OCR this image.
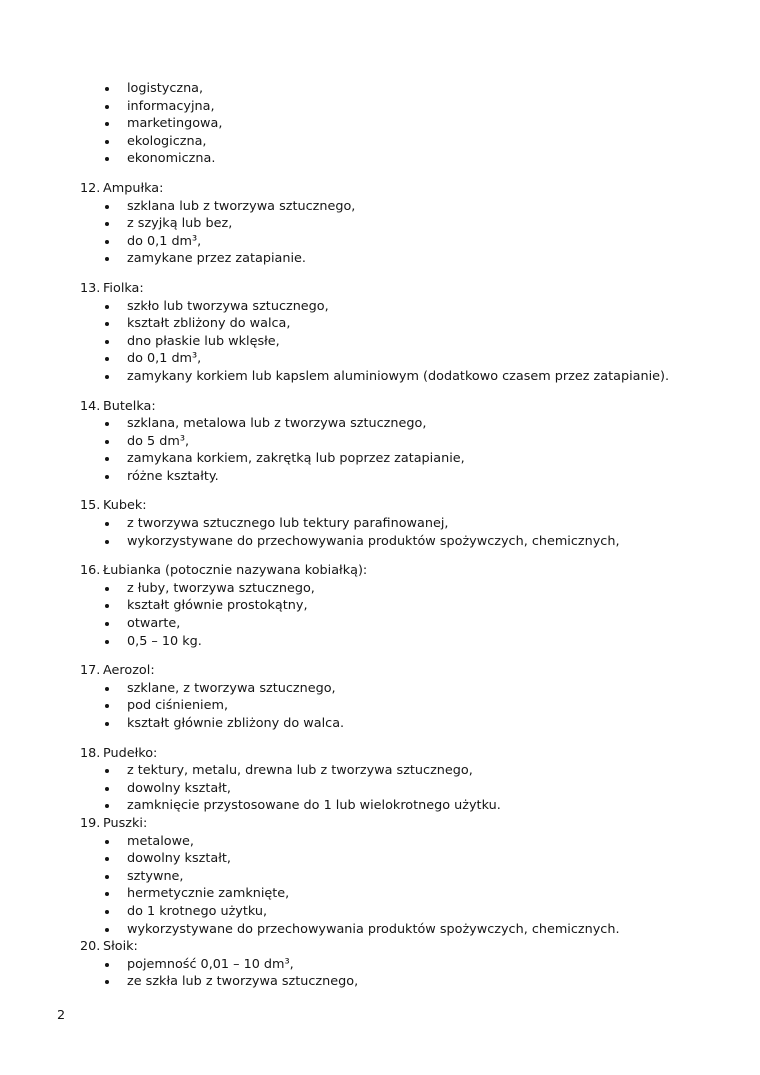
logistyczna,
informacyjna,
marketingowa,
ekologiczna,
ekonomiczna.
12. Ampułka:
szklana lub z tworzywa sztucznego,
z szyjką lub bez,
do 0,1 dm³,
zamykane przez zatapianie.
13. Fiolka:
szkło lub tworzywa sztucznego,
kształt zbliżony do walca,
dno płaskie lub wklęsłe,
do 0,1 dm³,
zamykany korkiem lub kapslem aluminiowym (dodatkowo czasem przez zatapianie).
14. Butelka:
szklana, metalowa lub z tworzywa sztucznego,
do 5 dm³,
zamykana korkiem, zakrętką lub poprzez zatapianie,
różne kształty.
15. Kubek:
z tworzywa sztucznego lub tektury parafinowanej,
wykorzystywane do przechowywania produktów spożywczych, chemicznych,
16. Łubianka (potocznie nazywana kobiałką):
z łuby, tworzywa sztucznego,
kształt głównie prostokątny,
otwarte,
0,5 – 10 kg.
17. Aerozol:
szklane, z tworzywa sztucznego,
pod ciśnieniem,
kształt głównie zbliżony do walca.
18. Pudełko:
z tektury, metalu, drewna lub z tworzywa sztucznego,
dowolny kształt,
zamknięcie przystosowane do 1 lub wielokrotnego użytku.
19. Puszki:
metalowe,
dowolny kształt,
sztywne,
hermetycznie zamknięte,
do 1 krotnego użytku,
wykorzystywane do przechowywania produktów spożywczych, chemicznych.
20. Słoik:
pojemność 0,01 – 10 dm³,
ze szkła lub z tworzywa sztucznego,
2
